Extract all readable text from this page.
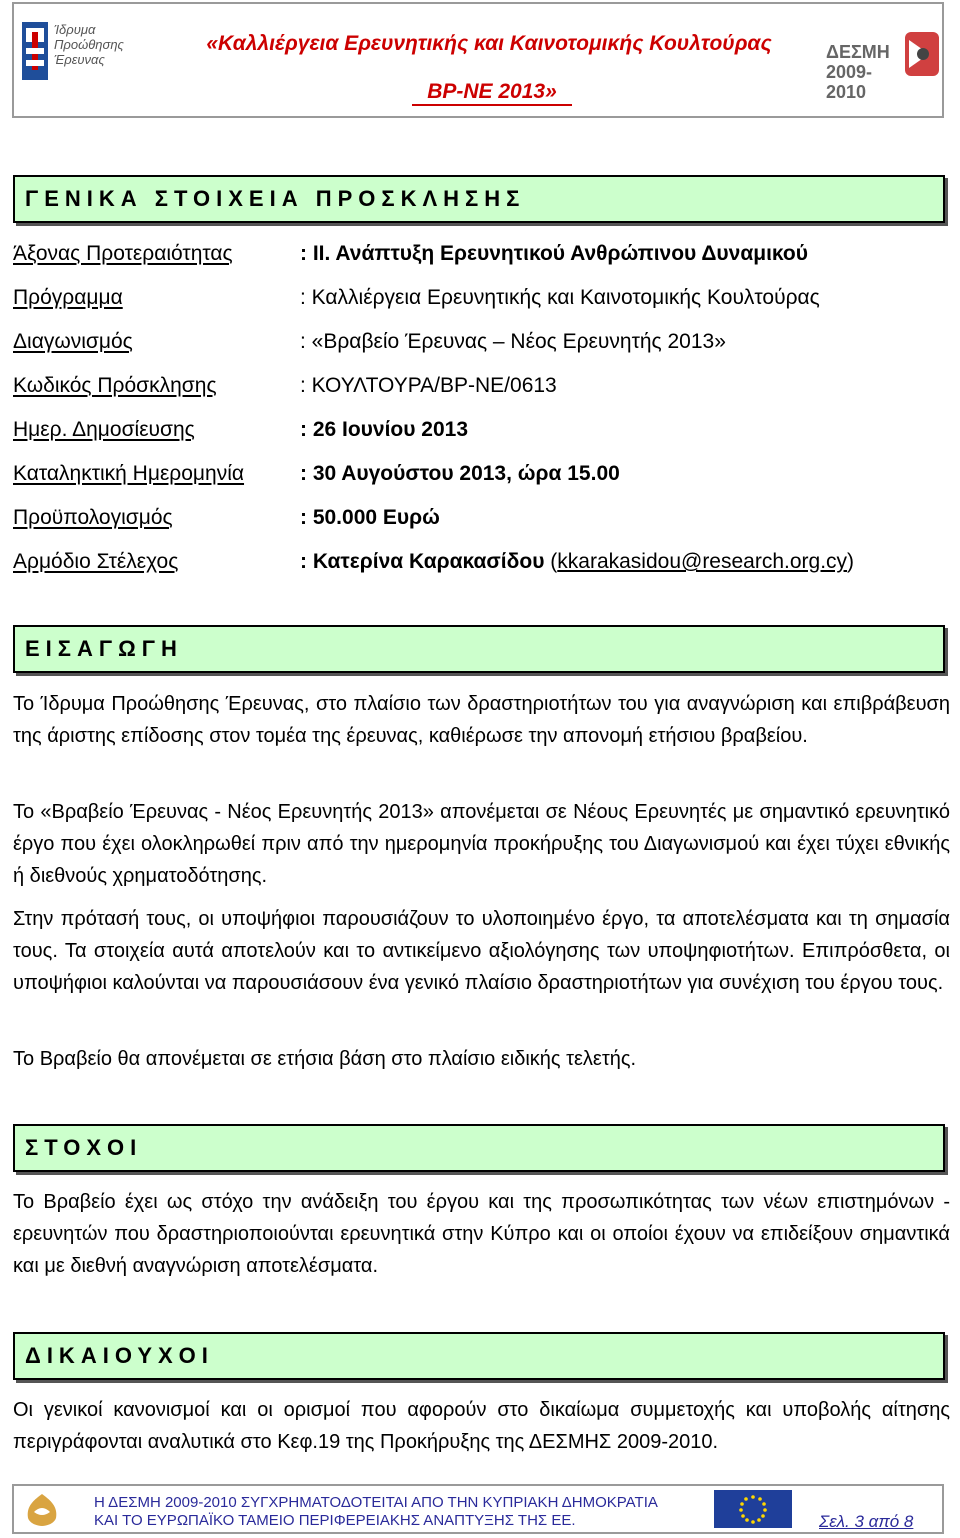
Ίδρυμα Προώθησης Έρευνας
«Καλλιέργεια Ερευνητικής και Καινοτομικής Κουλτούρας
ΒΡ-ΝΕ 2013»
ΔΕΣΜΗ 2009-2010
ΓΕΝΙΚΑ ΣΤΟΙΧΕΙΑ ΠΡΟΣΚΛΗΣΗΣ
Άξονας Προτεραιότητας	: ΙΙ. Ανάπτυξη Ερευνητικού Ανθρώπινου Δυναμικού
Πρόγραμμα	: Καλλιέργεια Ερευνητικής και Καινοτομικής Κουλτούρας
Διαγωνισμός	: «Βραβείο Έρευνας – Νέος Ερευνητής 2013»
Κωδικός Πρόσκλησης	: ΚΟΥΛΤΟΥΡΑ/ΒΡ-ΝΕ/0613
Ημερ. Δημοσίευσης	: 26 Ιουνίου 2013
Καταληκτική Ημερομηνία	: 30 Αυγούστου 2013, ώρα 15.00
Προϋπολογισμός	: 50.000 Ευρώ
Αρμόδιο Στέλεχος	: Κατερίνα Καρακασίδου (kkarakasidou@research.org.cy)
ΕΙΣΑΓΩΓΗ
Το Ίδρυμα Προώθησης Έρευνας, στο πλαίσιο των δραστηριοτήτων του για αναγνώριση και επιβράβευση της άριστης επίδοσης στον τομέα της έρευνας, καθιέρωσε την απονομή ετήσιου βραβείου.
Το «Βραβείο Έρευνας - Νέος Ερευνητής 2013» απονέμεται σε Νέους Ερευνητές με σημαντικό ερευνητικό έργο που έχει ολοκληρωθεί πριν από την ημερομηνία προκήρυξης του Διαγωνισμού και έχει τύχει εθνικής ή διεθνούς χρηματοδότησης.
Στην πρότασή τους, οι υποψήφιοι παρουσιάζουν το υλοποιημένο έργο, τα αποτελέσματα και τη σημασία τους. Τα στοιχεία αυτά αποτελούν και το αντικείμενο αξιολόγησης των υποψηφιοτήτων. Επιπρόσθετα, οι υποψήφιοι καλούνται να παρουσιάσουν ένα γενικό πλαίσιο δραστηριοτήτων για συνέχιση του έργου τους.
Το Βραβείο θα απονέμεται σε ετήσια βάση στο πλαίσιο ειδικής τελετής.
ΣΤΟΧΟΙ
Το Βραβείο έχει ως στόχο την ανάδειξη του έργου και της προσωπικότητας των νέων επιστημόνων - ερευνητών που δραστηριοποιούνται ερευνητικά στην Κύπρο και οι οποίοι έχουν να επιδείξουν σημαντικά και με διεθνή αναγνώριση αποτελέσματα.
ΔΙΚΑΙΟΥΧΟΙ
Οι γενικοί κανονισμοί και οι ορισμοί που αφορούν στο δικαίωμα συμμετοχής και υποβολής αίτησης περιγράφονται αναλυτικά στο Κεφ.19 της Προκήρυξης της ΔΕΣΜΗΣ 2009-2010.
Η ΔΕΣΜΗ 2009-2010 ΣΥΓΧΡΗΜΑΤΟΔΟΤΕΙΤΑΙ ΑΠΟ ΤΗΝ ΚΥΠΡΙΑΚΗ ΔΗΜΟΚΡΑΤΙΑ
ΚΑΙ ΤΟ ΕΥΡΩΠΑΪΚΟ ΤΑΜΕΙΟ ΠΕΡΙΦΕΡΕΙΑΚΗΣ ΑΝΑΠΤΥΞΗΣ ΤΗΣ ΕΕ.	Σελ. 3 από 8
